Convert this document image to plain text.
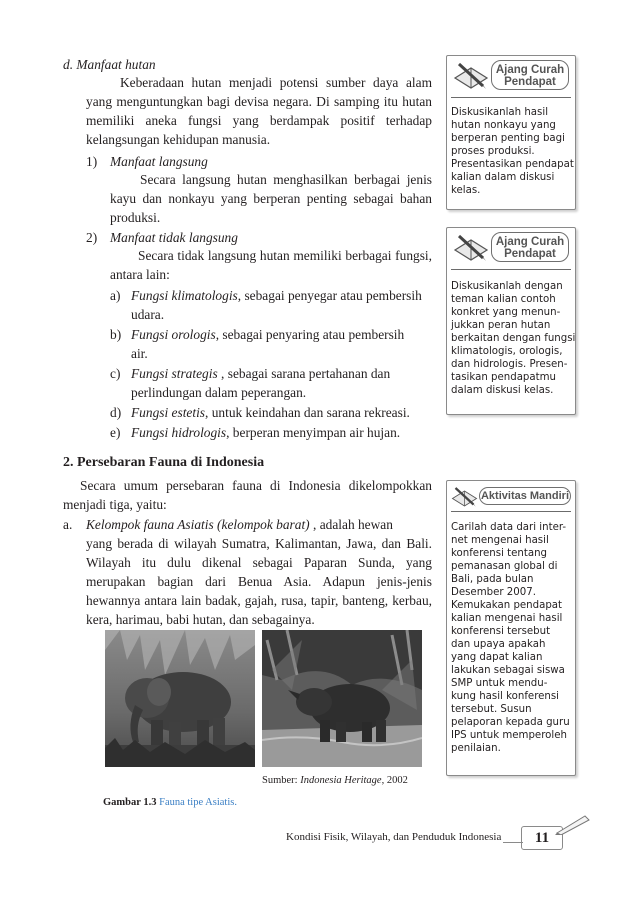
d. Manfaat hutan
Keberadaan hutan menjadi potensi sumber daya alam
yang menguntungkan bagi devisa negara. Di samping itu hutan
memiliki aneka fungsi yang berdampak positif terhadap
kelangsungan kehidupan manusia.
1) Manfaat langsung
Secara langsung hutan menghasilkan berbagai jenis
kayu dan nonkayu yang berperan penting sebagai bahan
produksi.
2) Manfaat tidak langsung
Secara tidak langsung hutan memiliki berbagai fungsi,
antara lain:
a) Fungsi klimatologis, sebagai penyegar atau pembersih
udara.
b) Fungsi orologis, sebagai penyaring atau pembersih
air.
c) Fungsi strategis , sebagai sarana pertahanan dan
perlindungan dalam peperangan.
d) Fungsi estetis, untuk keindahan dan sarana rekreasi.
e) Fungsi hidrologis, berperan menyimpan air hujan.
2. Persebaran Fauna di Indonesia
Secara umum persebaran fauna di Indonesia dikelompokkan
menjadi tiga, yaitu:
a. Kelompok fauna Asiatis (kelompok barat) , adalah hewan
yang berada di wilayah Sumatra, Kalimantan, Jawa, dan Bali.
Wilayah itu dulu dikenal sebagai Paparan Sunda, yang
merupakan bagian dari Benua Asia. Adapun jenis-jenis
hewannya antara lain badak, gajah, rusa, tapir, banteng, kerbau,
kera, harimau, babi hutan, dan sebagainya.
Sumber: Indonesia Heritage, 2002
Gambar 1.3 Fauna tipe Asiatis.
Ajang Curah
Pendapat
Diskusikanlah hasil
hutan nonkayu yang
berperan penting bagi
proses produksi.
Presentasikan pendapat
kalian dalam diskusi
kelas.
Ajang Curah
Pendapat
Diskusikanlah dengan
teman kalian contoh
konkret yang menun-
jukkan peran hutan
berkaitan dengan fungsi
klimatologis, orologis,
dan hidrologis. Presen-
tasikan pendapatmu
dalam diskusi kelas.
Aktivitas Mandiri
Carilah data dari inter-
net mengenai hasil
konferensi tentang
pemanasan global di
Bali, pada bulan
Desember 2007.
Kemukakan pendapat
kalian mengenai hasil
konferensi tersebut
dan upaya apakah
yang dapat kalian
lakukan sebagai siswa
SMP untuk mendu-
kung hasil konferensi
tersebut. Susun
pelaporan kepada guru
IPS untuk memperoleh
penilaian.
Kondisi Fisik, Wilayah, dan Penduduk Indonesia	11
